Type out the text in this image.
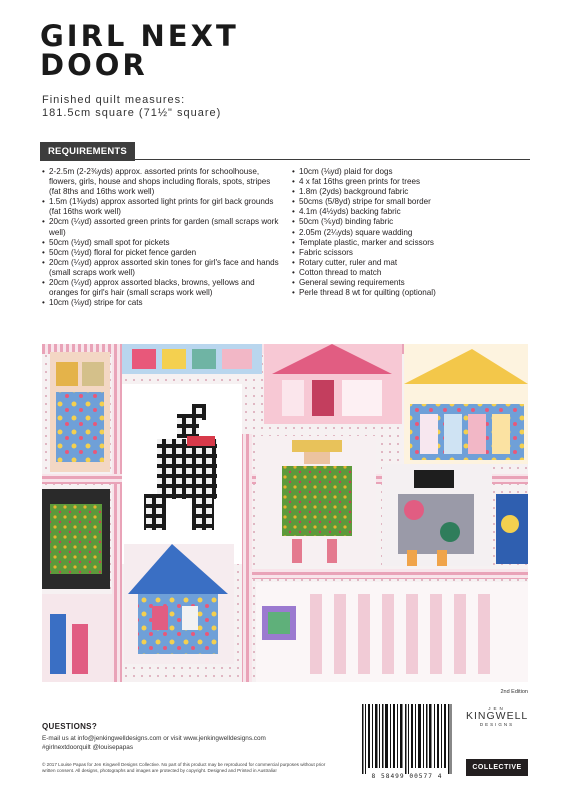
GIRL NEXT
DOOR
Finished quilt measures:
181.5cm square (71½" square)
REQUIREMENTS
• 2-2.5m (2-2⅜yds) approx. assorted prints for schoolhouse, flowers, girls, house and shops including florals, spots, stripes (fat 8ths and 16ths work well)
• 1.5m (1⅜yds) approx assorted light prints for girl back grounds (fat 16ths work well)
• 20cm (¼yd) assorted green prints for garden (small scraps work well)
• 50cm (½yd) small spot for pickets
• 50cm (½yd) floral for picket fence garden
• 20cm (¼yd) approx assorted skin tones for girl's face and hands (small scraps work well)
• 20cm (¼yd) approx assorted blacks, browns, yellows and oranges for girl's hair (small scraps work well)
• 10cm (⅛yd) stripe for cats
• 10cm (⅛yd) plaid for dogs
• 4 x fat 16ths green prints for trees
• 1.8m (2yds) background fabric
• 50cms (5/8yd) stripe for small border
• 4.1m (4½yds) backing fabric
• 50cm (⅚yd) binding fabric
• 2.05m (2¼yds) square wadding
• Template plastic, marker and scissors
• Fabric scissors
• Rotary cutter, ruler and mat
• Cotton thread to match
• General sewing requirements
• Perle thread 8 wt for quilting (optional)
2nd Edition
QUESTIONS?
E-mail us at info@jenkingwelldesigns.com or visit www.jenkingwelldesigns.com
#girlnextdoorquilt @louisepapas
© 2017 Louise Papas for Jen Kingwell Designs Collective. No part of this product may be reproduced for commercial purposes without prior written consent. All designs, photographs and images are protected by copyright. Designed and Printed in Australia!
8 58499 00577 4
JEN
KINGWELL
DESIGNS
COLLECTIVE
